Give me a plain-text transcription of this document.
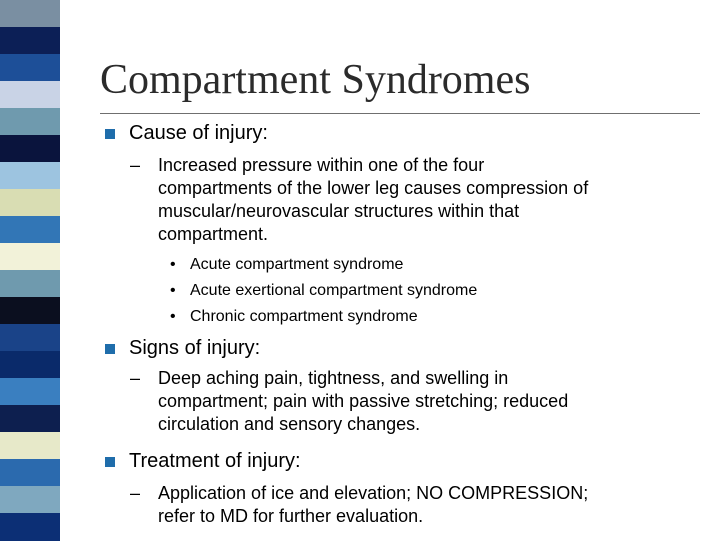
Compartment Syndromes
Cause of injury:
– Increased pressure within one of the four
compartments of the lower leg causes compression of
muscular/neurovascular structures within that
compartment.
• Acute compartment syndrome
• Acute exertional compartment syndrome
• Chronic compartment syndrome
Signs of injury:
– Deep aching pain, tightness, and swelling in
compartment; pain with passive stretching; reduced
circulation and sensory changes.
Treatment of injury:
– Application of ice and elevation; NO COMPRESSION;
refer to MD for further evaluation.
